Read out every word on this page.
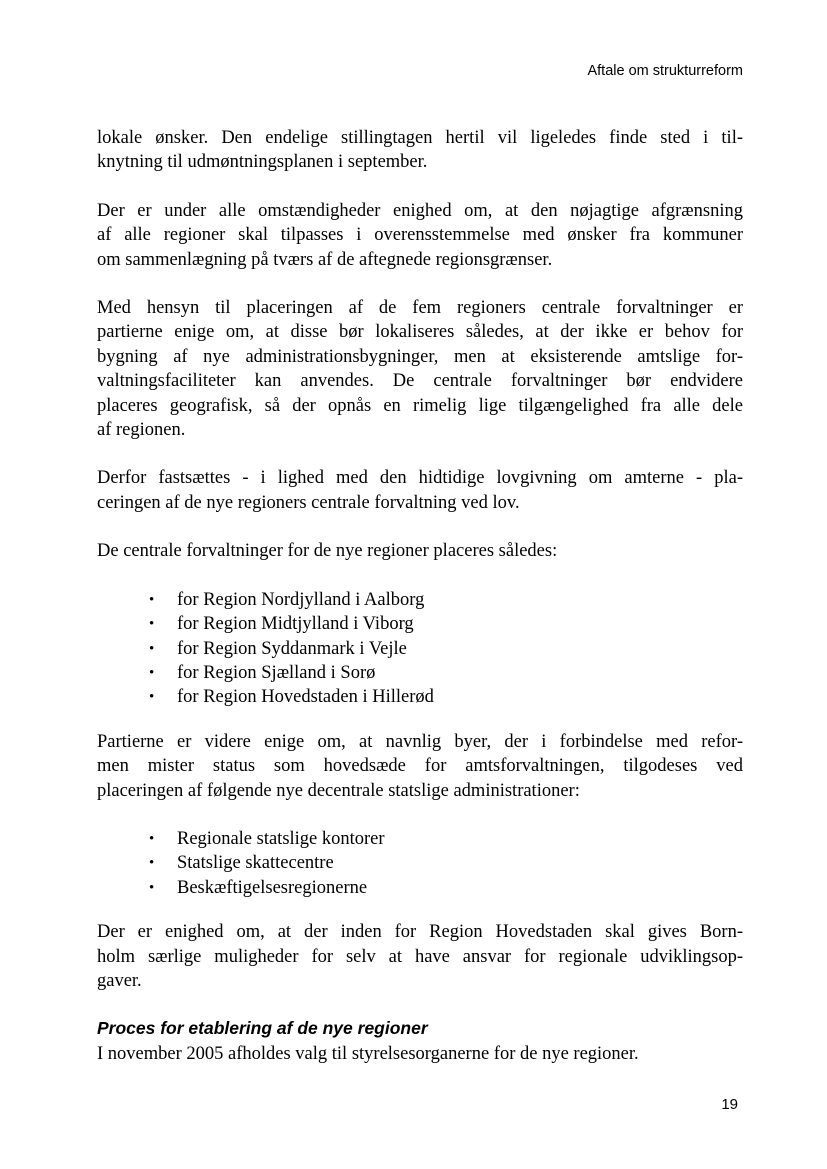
Aftale om strukturreform
lokale ønsker. Den endelige stillingtagen hertil vil ligeledes finde sted i til-
knytning til udmøntningsplanen i september.
Der er under alle omstændigheder enighed om, at den nøjagtige afgrænsning
af alle regioner skal tilpasses i overensstemmelse med ønsker fra kommuner
om sammenlægning på tværs af de aftegnede regionsgrænser.
Med hensyn til placeringen af de fem regioners centrale forvaltninger er
partierne enige om, at disse bør lokaliseres således, at der ikke er behov for
bygning af nye administrationsbygninger, men at eksisterende amtslige for-
valtningsfaciliteter kan anvendes. De centrale forvaltninger bør endvidere
placeres geografisk, så der opnås en rimelig lige tilgængelighed fra alle dele
af regionen.
Derfor fastsættes - i lighed med den hidtidige lovgivning om amterne - pla-
ceringen af de nye regioners centrale forvaltning ved lov.
De centrale forvaltninger for de nye regioner placeres således:
• for Region Nordjylland i Aalborg
• for Region Midtjylland i Viborg
• for Region Syddanmark i Vejle
• for Region Sjælland i Sorø
• for Region Hovedstaden i Hillerød
Partierne er videre enige om, at navnlig byer, der i forbindelse med refor-
men mister status som hovedsæde for amtsforvaltningen, tilgodeses ved
placeringen af følgende nye decentrale statslige administrationer:
• Regionale statslige kontorer
• Statslige skattecentre
• Beskæftigelsesregionerne
Der er enighed om, at der inden for Region Hovedstaden skal gives Born-
holm særlige muligheder for selv at have ansvar for regionale udviklingsop-
gaver.
Proces for etablering af de nye regioner
I november 2005 afholdes valg til styrelsesorganerne for de nye regioner.
19
